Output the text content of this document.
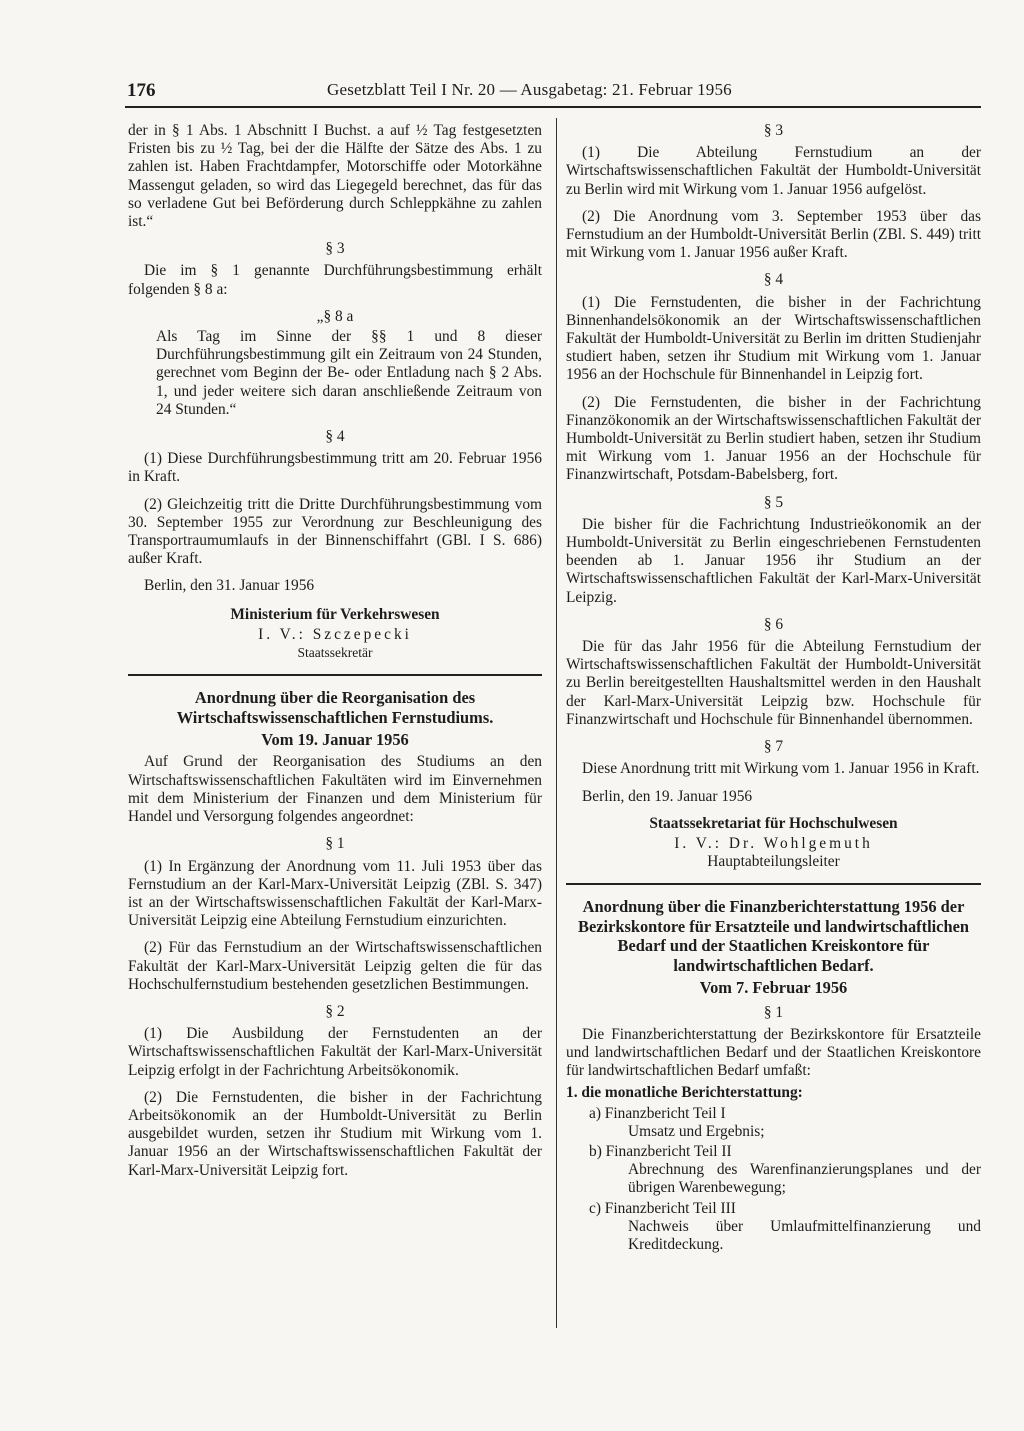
176	Gesetzblatt Teil I Nr. 20 — Ausgabetag: 21. Februar 1956

der in § 1 Abs. 1 Abschnitt I Buchst. a auf ½ Tag festgesetzten Fristen bis zu ½ Tag, bei der die Hälfte der Sätze des Abs. 1 zu zahlen ist. Haben Frachtdampfer, Motorschiffe oder Motorkähne Massengut geladen, so wird das Liegegeld berechnet, das für das so verladene Gut bei Beförderung durch Schleppkähne zu zahlen ist.“

§ 3

Die im § 1 genannte Durchführungsbestimmung erhält folgenden § 8 a:

„§ 8 a

Als Tag im Sinne der §§ 1 und 8 dieser Durchführungsbestimmung gilt ein Zeitraum von 24 Stunden, gerechnet vom Beginn der Be- oder Entladung nach § 2 Abs. 1, und jeder weitere sich daran anschließende Zeitraum von 24 Stunden.“

§ 4

(1) Diese Durchführungsbestimmung tritt am 20. Februar 1956 in Kraft.

(2) Gleichzeitig tritt die Dritte Durchführungsbestimmung vom 30. September 1955 zur Verordnung zur Beschleunigung des Transportraumumlaufs in der Binnenschiffahrt (GBl. I S. 686) außer Kraft.

Berlin, den 31. Januar 1956

Ministerium für Verkehrswesen

I. V.: Szczepecki

Staatssekretär

Anordnung über die Reorganisation des Wirtschaftswissenschaftlichen Fernstudiums.

Vom 19. Januar 1956

Auf Grund der Reorganisation des Studiums an den Wirtschaftswissenschaftlichen Fakultäten wird im Einvernehmen mit dem Ministerium der Finanzen und dem Ministerium für Handel und Versorgung folgendes angeordnet:

§ 1

(1) In Ergänzung der Anordnung vom 11. Juli 1953 über das Fernstudium an der Karl-Marx-Universität Leipzig (ZBl. S. 347) ist an der Wirtschaftswissenschaftlichen Fakultät der Karl-Marx-Universität Leipzig eine Abteilung Fernstudium einzurichten.

(2) Für das Fernstudium an der Wirtschaftswissenschaftlichen Fakultät der Karl-Marx-Universität Leipzig gelten die für das Hochschulfernstudium bestehenden gesetzlichen Bestimmungen.

§ 2

(1) Die Ausbildung der Fernstudenten an der Wirtschaftswissenschaftlichen Fakultät der Karl-Marx-Universität Leipzig erfolgt in der Fachrichtung Arbeitsökonomik.

(2) Die Fernstudenten, die bisher in der Fachrichtung Arbeitsökonomik an der Humboldt-Universität zu Berlin ausgebildet wurden, setzen ihr Studium mit Wirkung vom 1. Januar 1956 an der Wirtschaftswissenschaftlichen Fakultät der Karl-Marx-Universität Leipzig fort.

§ 3

(1) Die Abteilung Fernstudium an der Wirtschaftswissenschaftlichen Fakultät der Humboldt-Universität zu Berlin wird mit Wirkung vom 1. Januar 1956 aufgelöst.

(2) Die Anordnung vom 3. September 1953 über das Fernstudium an der Humboldt-Universität Berlin (ZBl. S. 449) tritt mit Wirkung vom 1. Januar 1956 außer Kraft.

§ 4

(1) Die Fernstudenten, die bisher in der Fachrichtung Binnenhandelsökonomik an der Wirtschaftswissenschaftlichen Fakultät der Humboldt-Universität zu Berlin im dritten Studienjahr studiert haben, setzen ihr Studium mit Wirkung vom 1. Januar 1956 an der Hochschule für Binnenhandel in Leipzig fort.

(2) Die Fernstudenten, die bisher in der Fachrichtung Finanzökonomik an der Wirtschaftswissenschaftlichen Fakultät der Humboldt-Universität zu Berlin studiert haben, setzen ihr Studium mit Wirkung vom 1. Januar 1956 an der Hochschule für Finanzwirtschaft, Potsdam-Babelsberg, fort.

§ 5

Die bisher für die Fachrichtung Industrieökonomik an der Humboldt-Universität zu Berlin eingeschriebenen Fernstudenten beenden ab 1. Januar 1956 ihr Studium an der Wirtschaftswissenschaftlichen Fakultät der Karl-Marx-Universität Leipzig.

§ 6

Die für das Jahr 1956 für die Abteilung Fernstudium der Wirtschaftswissenschaftlichen Fakultät der Humboldt-Universität zu Berlin bereitgestellten Haushaltsmittel werden in den Haushalt der Karl-Marx-Universität Leipzig bzw. Hochschule für Finanzwirtschaft und Hochschule für Binnenhandel übernommen.

§ 7

Diese Anordnung tritt mit Wirkung vom 1. Januar 1956 in Kraft.

Berlin, den 19. Januar 1956

Staatssekretariat für Hochschulwesen

I. V.: Dr. Wohlgemuth

Hauptabteilungsleiter

Anordnung über die Finanzberichterstattung 1956 der Bezirkskontore für Ersatzteile und landwirtschaftlichen Bedarf und der Staatlichen Kreiskontore für landwirtschaftlichen Bedarf.

Vom 7. Februar 1956

§ 1

Die Finanzberichterstattung der Bezirkskontore für Ersatzteile und landwirtschaftlichen Bedarf und der Staatlichen Kreiskontore für landwirtschaftlichen Bedarf umfaßt:

1. die monatliche Berichterstattung:

a) Finanzbericht Teil I

Umsatz und Ergebnis;

b) Finanzbericht Teil II

Abrechnung des Warenfinanzierungsplanes und der übrigen Warenbewegung;

c) Finanzbericht Teil III

Nachweis über Umlaufmittelfinanzierung und Kreditdeckung.
